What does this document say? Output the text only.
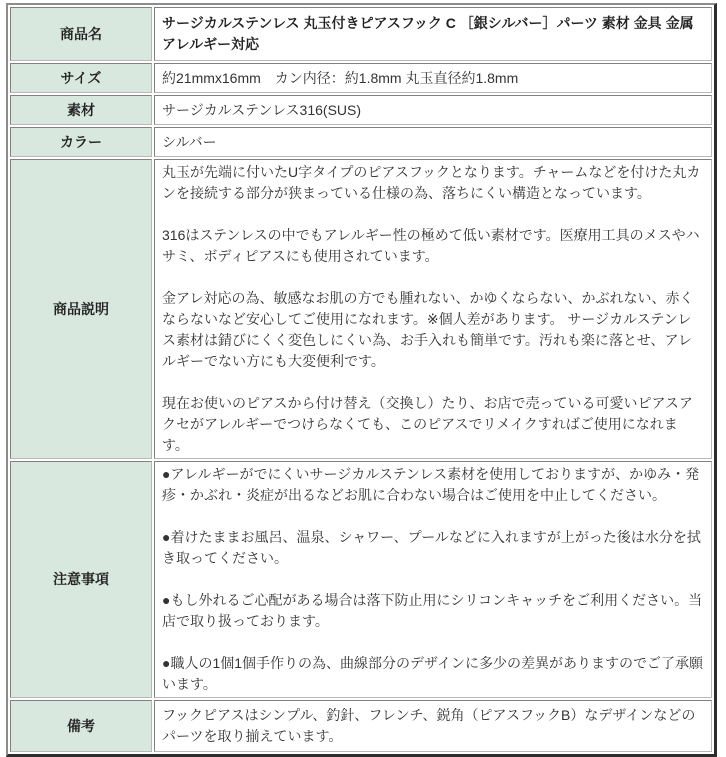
商品名	サージカルステンレス 丸玉付きピアスフック C ［銀シルバー］パーツ 素材 金具 金属アレルギー対応
サイズ	約21mmx16mm　カン内径：約1.8mm 丸玉直径約1.8mm
素材	サージカルステンレス316(SUS)
カラー	シルバー
商品説明	丸玉が先端に付いたU字タイプのピアスフックとなります。チャームなどを付けた丸カンを接続する部分が狭まっている仕様の為、落ちにくい構造となっています。

316はステンレスの中でもアレルギー性の極めて低い素材です。医療用工具のメスやハサミ、ボディピアスにも使用されています。

金アレ対応の為、敏感なお肌の方でも腫れない、かゆくならない、かぶれない、赤くならないなど安心してご使用になれます。※個人差があります。 サージカルステンレス素材は錆びにくく変色しにくい為、お手入れも簡単です。汚れも楽に落とせ、アレルギーでない方にも大変便利です。

現在お使いのピアスから付け替え（交換し）たり、お店で売っている可愛いピアスアクセがアレルギーでつけらなくても、このピアスでリメイクすればご使用になれます。

注意事項	●アレルギーがでにくいサージカルステンレス素材を使用しておりますが、かゆみ・発疹・かぶれ・炎症が出るなどお肌に合わない場合はご使用を中止してください。

●着けたままお風呂、温泉、シャワー、プールなどに入れますが上がった後は水分を拭き取ってください。

●もし外れるご心配がある場合は落下防止用にシリコンキャッチをご利用ください。当店で取り扱っております。

●職人の1個1個手作りの為、曲線部分のデザインに多少の差異がありますのでご了承願います。

備考	フックピアスはシンプル、釣針、フレンチ、鋭角（ピアスフックB）なデザインなどのパーツを取り揃えています。
